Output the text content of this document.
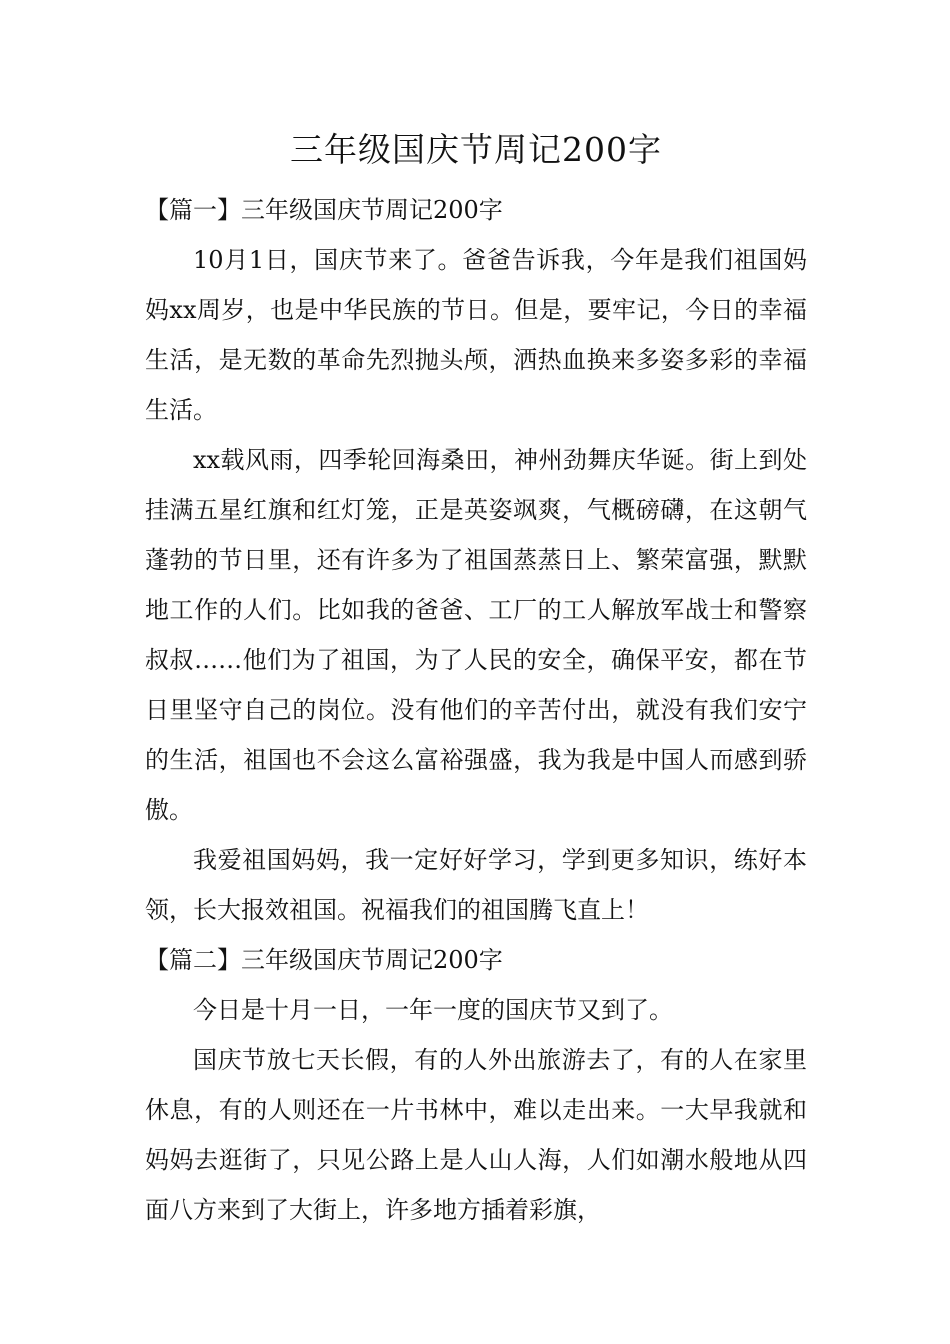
三年级国庆节周记200字

【篇一】三年级国庆节周记200字

10月1日，国庆节来了。爸爸告诉我，今年是我们祖国妈妈xx周岁，也是中华民族的节日。但是，要牢记，今日的幸福生活，是无数的革命先烈抛头颅，洒热血换来多姿多彩的幸福生活。

xx载风雨，四季轮回海桑田，神州劲舞庆华诞。街上到处挂满五星红旗和红灯笼，正是英姿飒爽，气概磅礴，在这朝气蓬勃的节日里，还有许多为了祖国蒸蒸日上、繁荣富强，默默地工作的人们。比如我的爸爸、工厂的工人解放军战士和警察叔叔……他们为了祖国，为了人民的安全，确保平安，都在节日里坚守自己的岗位。没有他们的辛苦付出，就没有我们安宁的生活，祖国也不会这么富裕强盛，我为我是中国人而感到骄傲。

我爱祖国妈妈，我一定好好学习，学到更多知识，练好本领，长大报效祖国。祝福我们的祖国腾飞直上！

【篇二】三年级国庆节周记200字

今日是十月一日，一年一度的国庆节又到了。

国庆节放七天长假，有的人外出旅游去了，有的人在家里休息，有的人则还在一片书林中，难以走出来。一大早我就和妈妈去逛街了，只见公路上是人山人海，人们如潮水般地从四面八方来到了大街上，许多地方插着彩旗，
